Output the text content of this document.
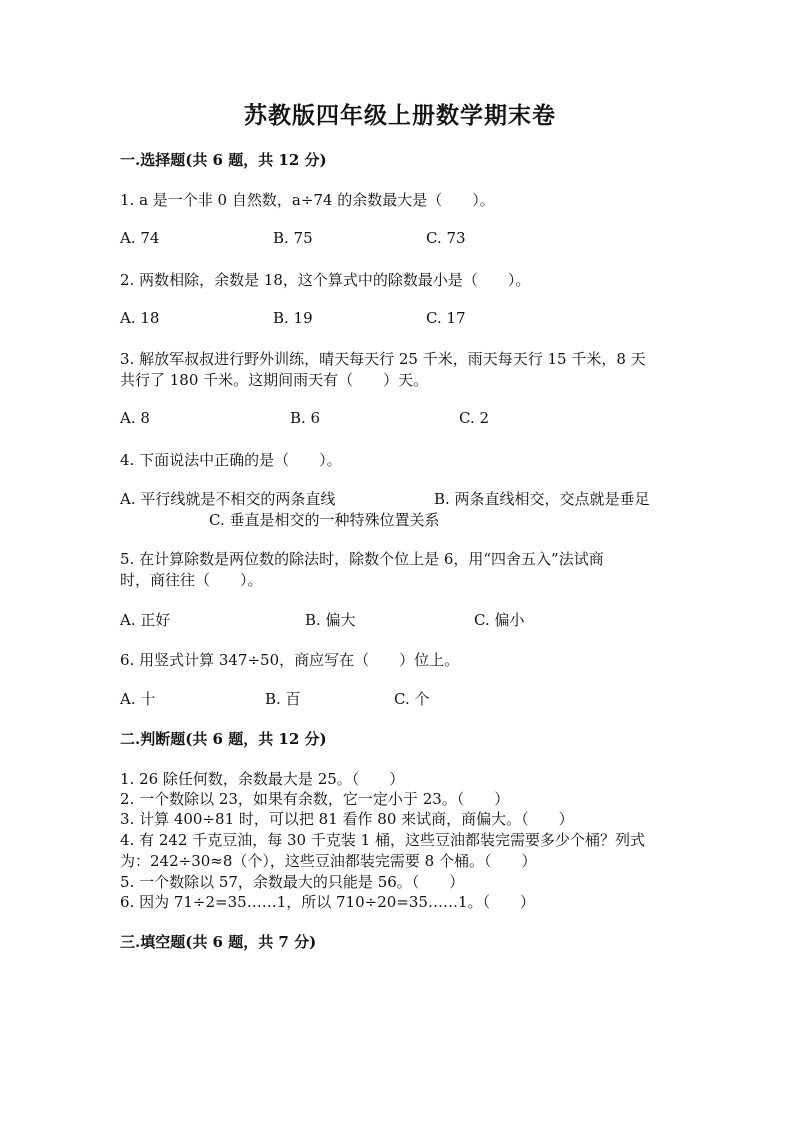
苏教版四年级上册数学期末卷
一.选择题(共 6 题，共 12 分)
1. a 是一个非 0 自然数，a÷74 的余数最大是（　　）。
A. 74	B. 75	C. 73
2. 两数相除，余数是 18，这个算式中的除数最小是（　　）。
A. 18	B. 19	C. 17
3. 解放军叔叔进行野外训练，晴天每天行 25 千米，雨天每天行 15 千米，8 天
共行了 180 千米。这期间雨天有（　　）天。
A. 8	B. 6	C. 2
4. 下面说法中正确的是（　　）。
A. 平行线就是不相交的两条直线	B. 两条直线相交，交点就是垂足
C. 垂直是相交的一种特殊位置关系
5. 在计算除数是两位数的除法时，除数个位上是 6，用“四舍五入”法试商
时，商往往（　　）。
A. 正好	B. 偏大	C. 偏小
6. 用竖式计算 347÷50，商应写在（　　）位上。
A. 十	B. 百	C. 个
二.判断题(共 6 题，共 12 分)
1. 26 除任何数，余数最大是 25。（　　）
2. 一个数除以 23，如果有余数，它一定小于 23。（　　）
3. 计算 400÷81 时，可以把 81 看作 80 来试商，商偏大。（　　）
4. 有 242 千克豆油，每 30 千克装 1 桶，这些豆油都装完需要多少个桶？列式
为：242÷30≈8（个），这些豆油都装完需要 8 个桶。（　　）
5. 一个数除以 57，余数最大的只能是 56。（　　）
6. 因为 71÷2=35……1，所以 710÷20=35……1。（　　）
三.填空题(共 6 题，共 7 分)
